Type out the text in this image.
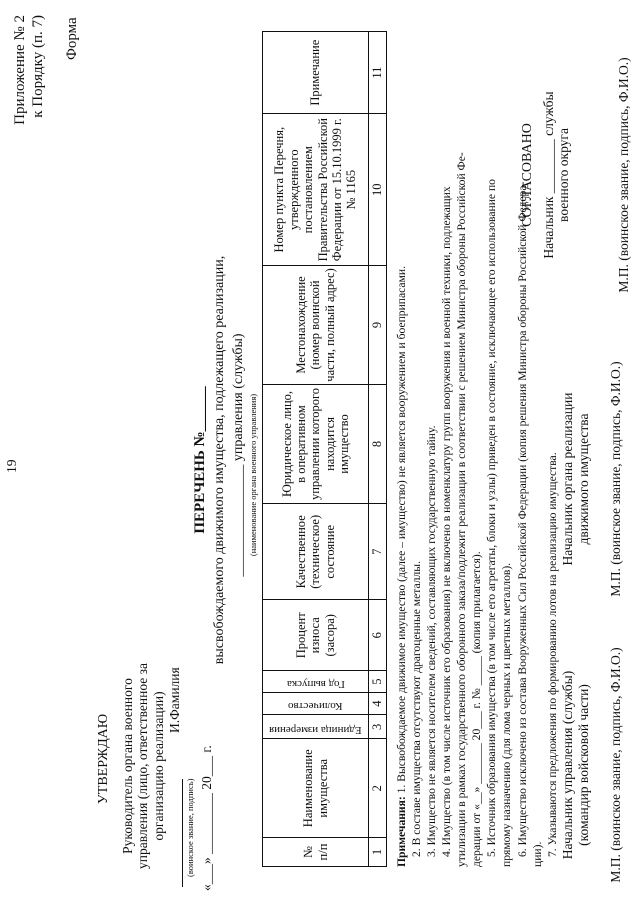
19
Приложение № 2 к Порядку (п. 7) Форма
УТВЕРЖДАЮ Руководитель органа военного управления (лицо, ответственное за организацию реализации) И.Фамилия
(воинское звание, подпись) «___» _________ 20___ г.
ПЕРЕЧЕНЬ №______ высвобождаемого движимого имущества, подлежащего реализации, ________________ управления (службы) (наименование органа военного управления)
№ п/п	Наименование имущества	Единица измерения	Количество	Год выпуска	Процент износа (засора)	Качественное (техническое) состояние	Юридическое лицо, в оперативном управлении которого находится имущество	Местонахождение (номер воинской части, полный адрес)	Номер пункта Перечня, утвержденного постановлением Правительства Российской Федерации от 15.10.1999 г. № 1165	Примечание
1	2	3	4	5	6	7	8	9	10	11
Примечания: 1. Высвобождаемое движимое имущество (далее – имущество) не является вооружением и боеприпасами. 2. В составе имущества отсутствуют драгоценные металлы. 3. Имущество не является носителем сведений, составляющих государственную тайну. 4. Имущество (в том числе источник его образования) не включено в номенклатуру групп вооружения и военной техники, подлежащих утилизации в рамках государственного оборонного заказа/подлежит реализации в соответствии с решением Министра обороны Российской Фе- дерации от «__» _______ 20___ г. № _____ (копия прилагается). 5. Источник образования имущества (в том числе его агрегаты, блоки и узлы) приведен в состояние, исключающее его использование по прямому назначению (для лома черных и цветных металлов). 6. Имущество исключено из состава Вооруженных Сил Российской Федерации (копия решения Министра обороны Российской Федера- ции). 7. Указываются предложения по формированию лотов на реализацию имущества. Начальник управления (службы) (командир войсковой части) М.П. (воинское звание, подпись, Ф.И.О.)
Начальник органа реализации движимого имущества М.П. (воинское звание, подпись, Ф.И.О.)
СОГЛАСОВАНО Начальник ________ службы военного округа	М.П. (воинское звание, подпись, Ф.И.О.)
